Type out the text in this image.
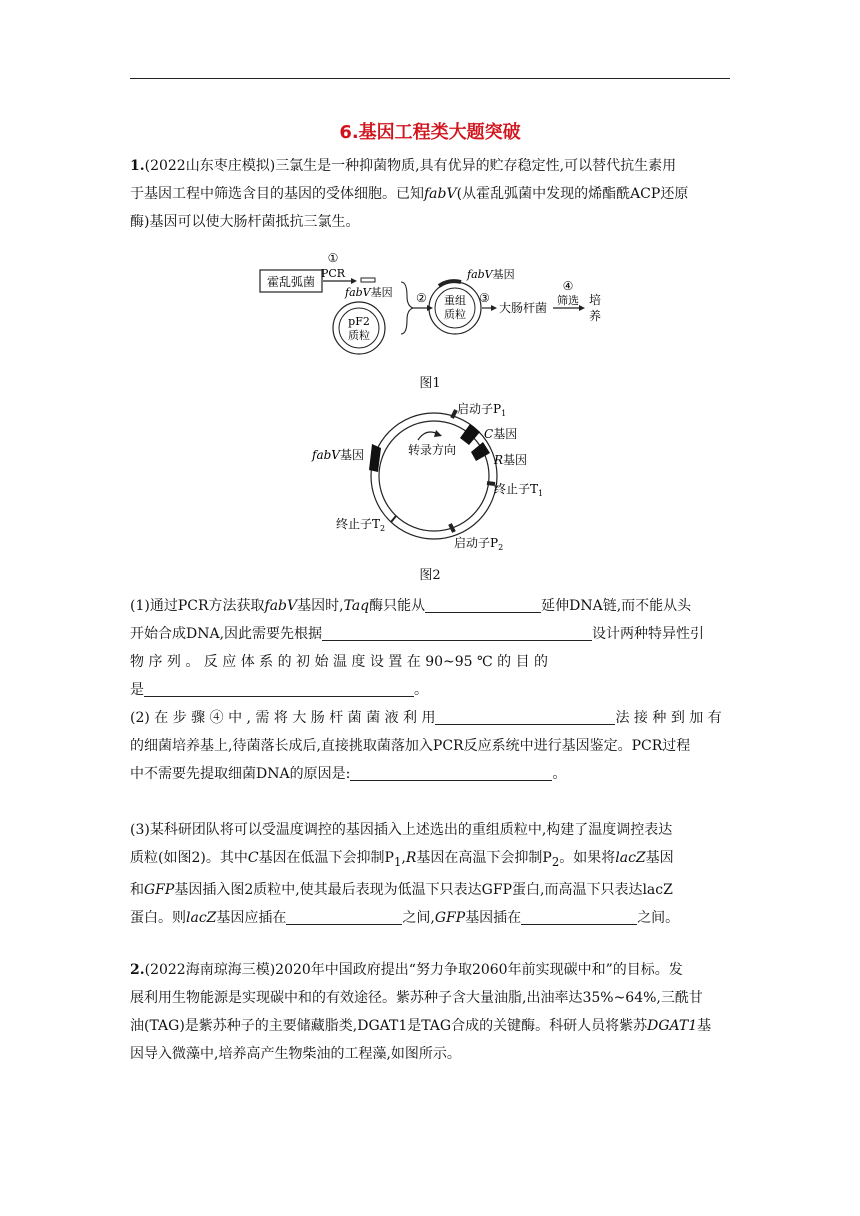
6.基因工程类大题突破
1.(2022山东枣庄模拟)三氯生是一种抑菌物质,具有优异的贮存稳定性,可以替代抗生素用
于基因工程中筛选含目的基因的受体细胞。已知fabV(从霍乱弧菌中发现的烯酯酰ACP还原
酶)基因可以使大肠杆菌抵抗三氯生。
霍乱弧菌
①
PCR
fabV基因
pF2
质粒
② 重组
质粒
fabV基因
③
大肠杆菌
④
筛选 培
养
图1
转录方向
fabV基因
启动子$P_1$
C基因
R基因
终止子$T_1$
终止子$T_2$
启动子$P_2$
图2
(1)通过PCR方法获取fabV基因时,Taq酶只能从	延伸DNA链,而不能从头
开始合成DNA,因此需要先根据	设计两种特异性引
物 序 列 。 反 应 体 系 的 初 始 温 度 设 置 在 90~95 ℃ 的 目 的
是	。
(2) 在 步 骤 ④ 中 , 需 将 大 肠 杆 菌 菌 液 利 用	法 接 种 到 加 有
的细菌培养基上,待菌落长成后,直接挑取菌落加入PCR反应系统中进行基因鉴定。PCR过程
中不需要先提取细菌DNA的原因是:	。
(3)某科研团队将可以受温度调控的基因插入上述选出的重组质粒中,构建了温度调控表达
质粒(如图2)。其中C基因在低温下会抑制$P_1,R$基因在高温下会抑制$P_2$。如果将lacZ基因
和GFP基因插入图2质粒中,使其最后表现为低温下只表达GFP蛋白,而高温下只表达lacZ
蛋白。则lacZ基因应插在	之间,GFP基因插在	之间。
2.(2022海南琼海三模)2020年中国政府提出“努力争取2060年前实现碳中和”的目标。发
展利用生物能源是实现碳中和的有效途径。紫苏种子含大量油脂,出油率达35%~64%,三酰甘
油(TAG)是紫苏种子的主要储藏脂类,DGAT1是TAG合成的关键酶。科研人员将紫苏DGAT1基
因导入微藻中,培养高产生物柴油的工程藻,如图所示。
